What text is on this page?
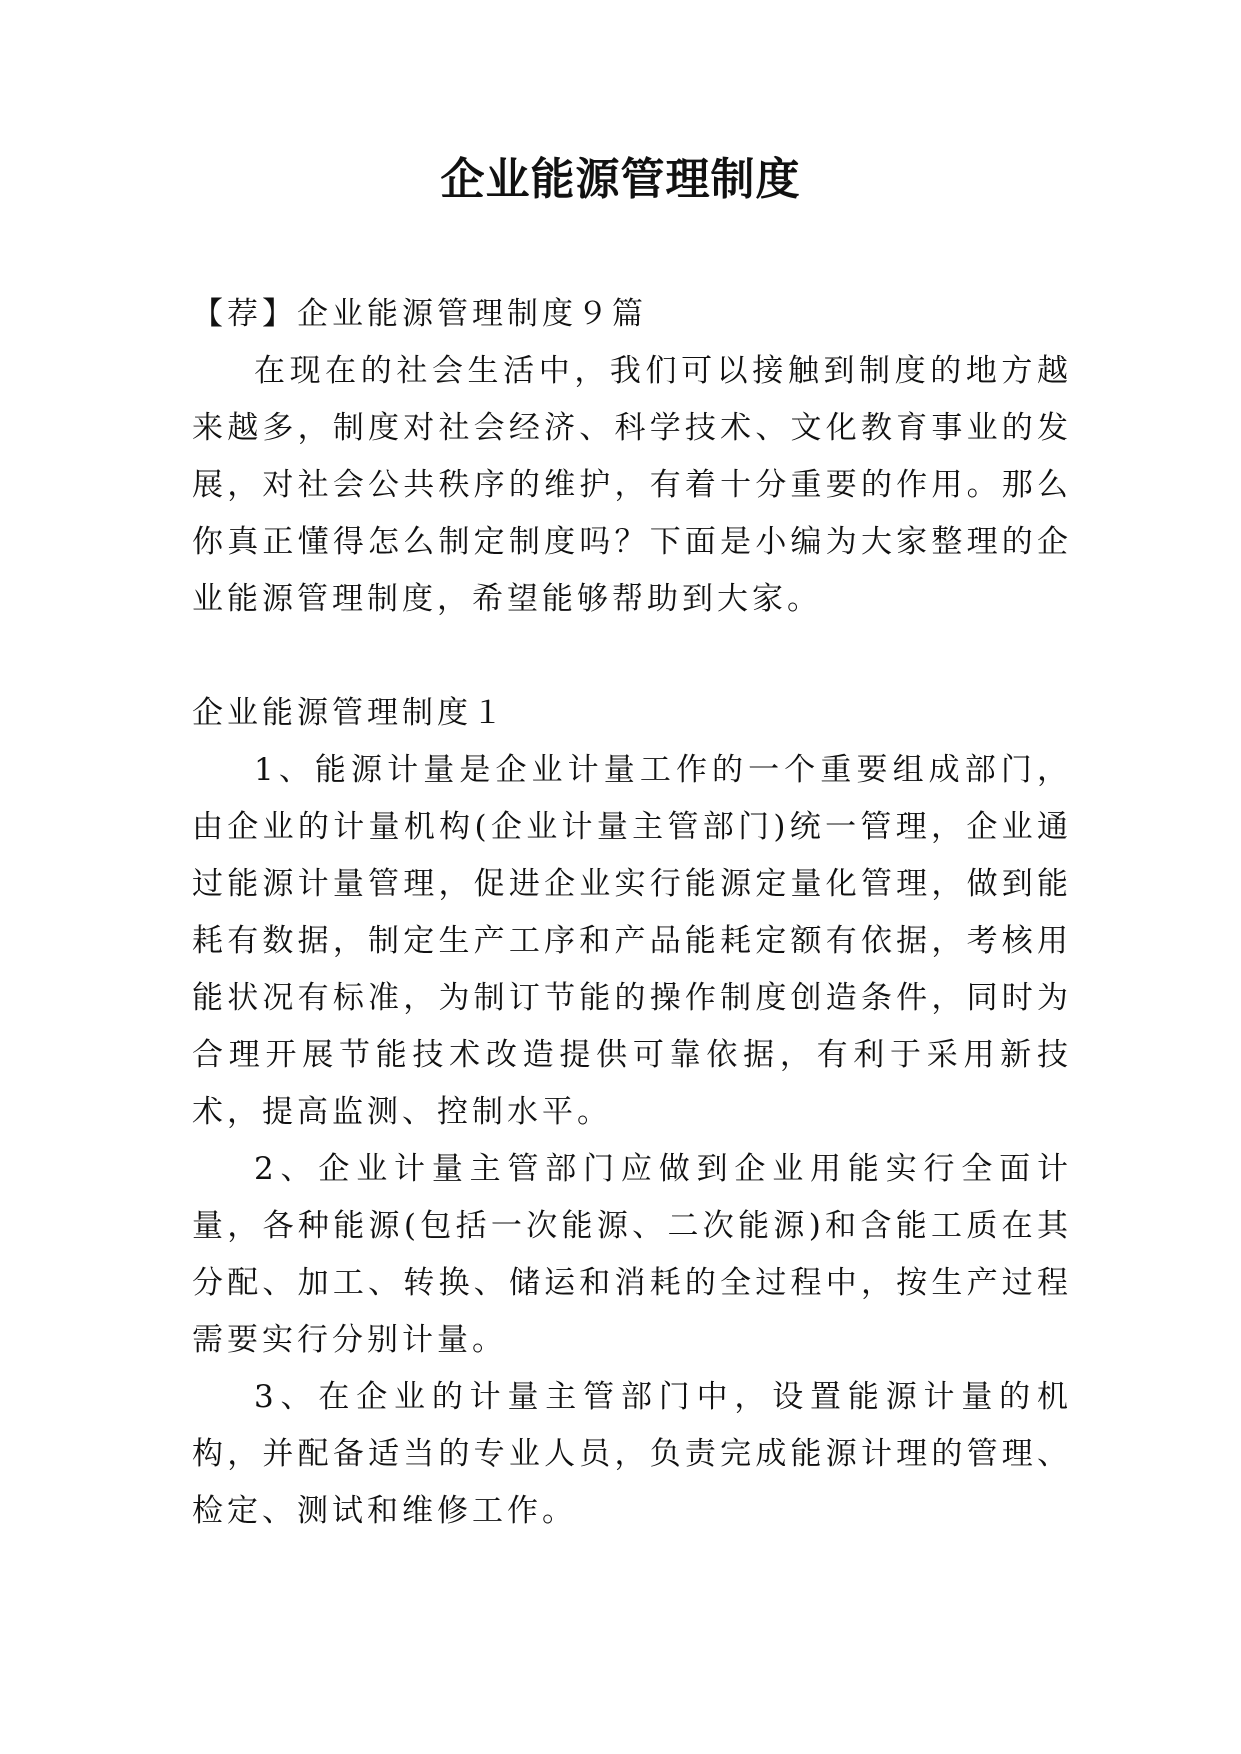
企业能源管理制度

【荐】企业能源管理制度９篇

在现在的社会生活中，我们可以接触到制度的地方越来越多，制度对社会经济、科学技术、文化教育事业的发展，对社会公共秩序的维护，有着十分重要的作用。那么你真正懂得怎么制定制度吗？下面是小编为大家整理的企业能源管理制度，希望能够帮助到大家。

企业能源管理制度１

1、能源计量是企业计量工作的一个重要组成部门，由企业的计量机构(企业计量主管部门)统一管理，企业通过能源计量管理，促进企业实行能源定量化管理，做到能耗有数据，制定生产工序和产品能耗定额有依据，考核用能状况有标准，为制订节能的操作制度创造条件，同时为合理开展节能技术改造提供可靠依据，有利于采用新技术，提高监测、控制水平。

2、企业计量主管部门应做到企业用能实行全面计量，各种能源(包括一次能源、二次能源)和含能工质在其分配、加工、转换、储运和消耗的全过程中，按生产过程需要实行分别计量。

3、在企业的计量主管部门中，设置能源计量的机构，并配备适当的专业人员，负责完成能源计理的管理、检定、测试和维修工作。
